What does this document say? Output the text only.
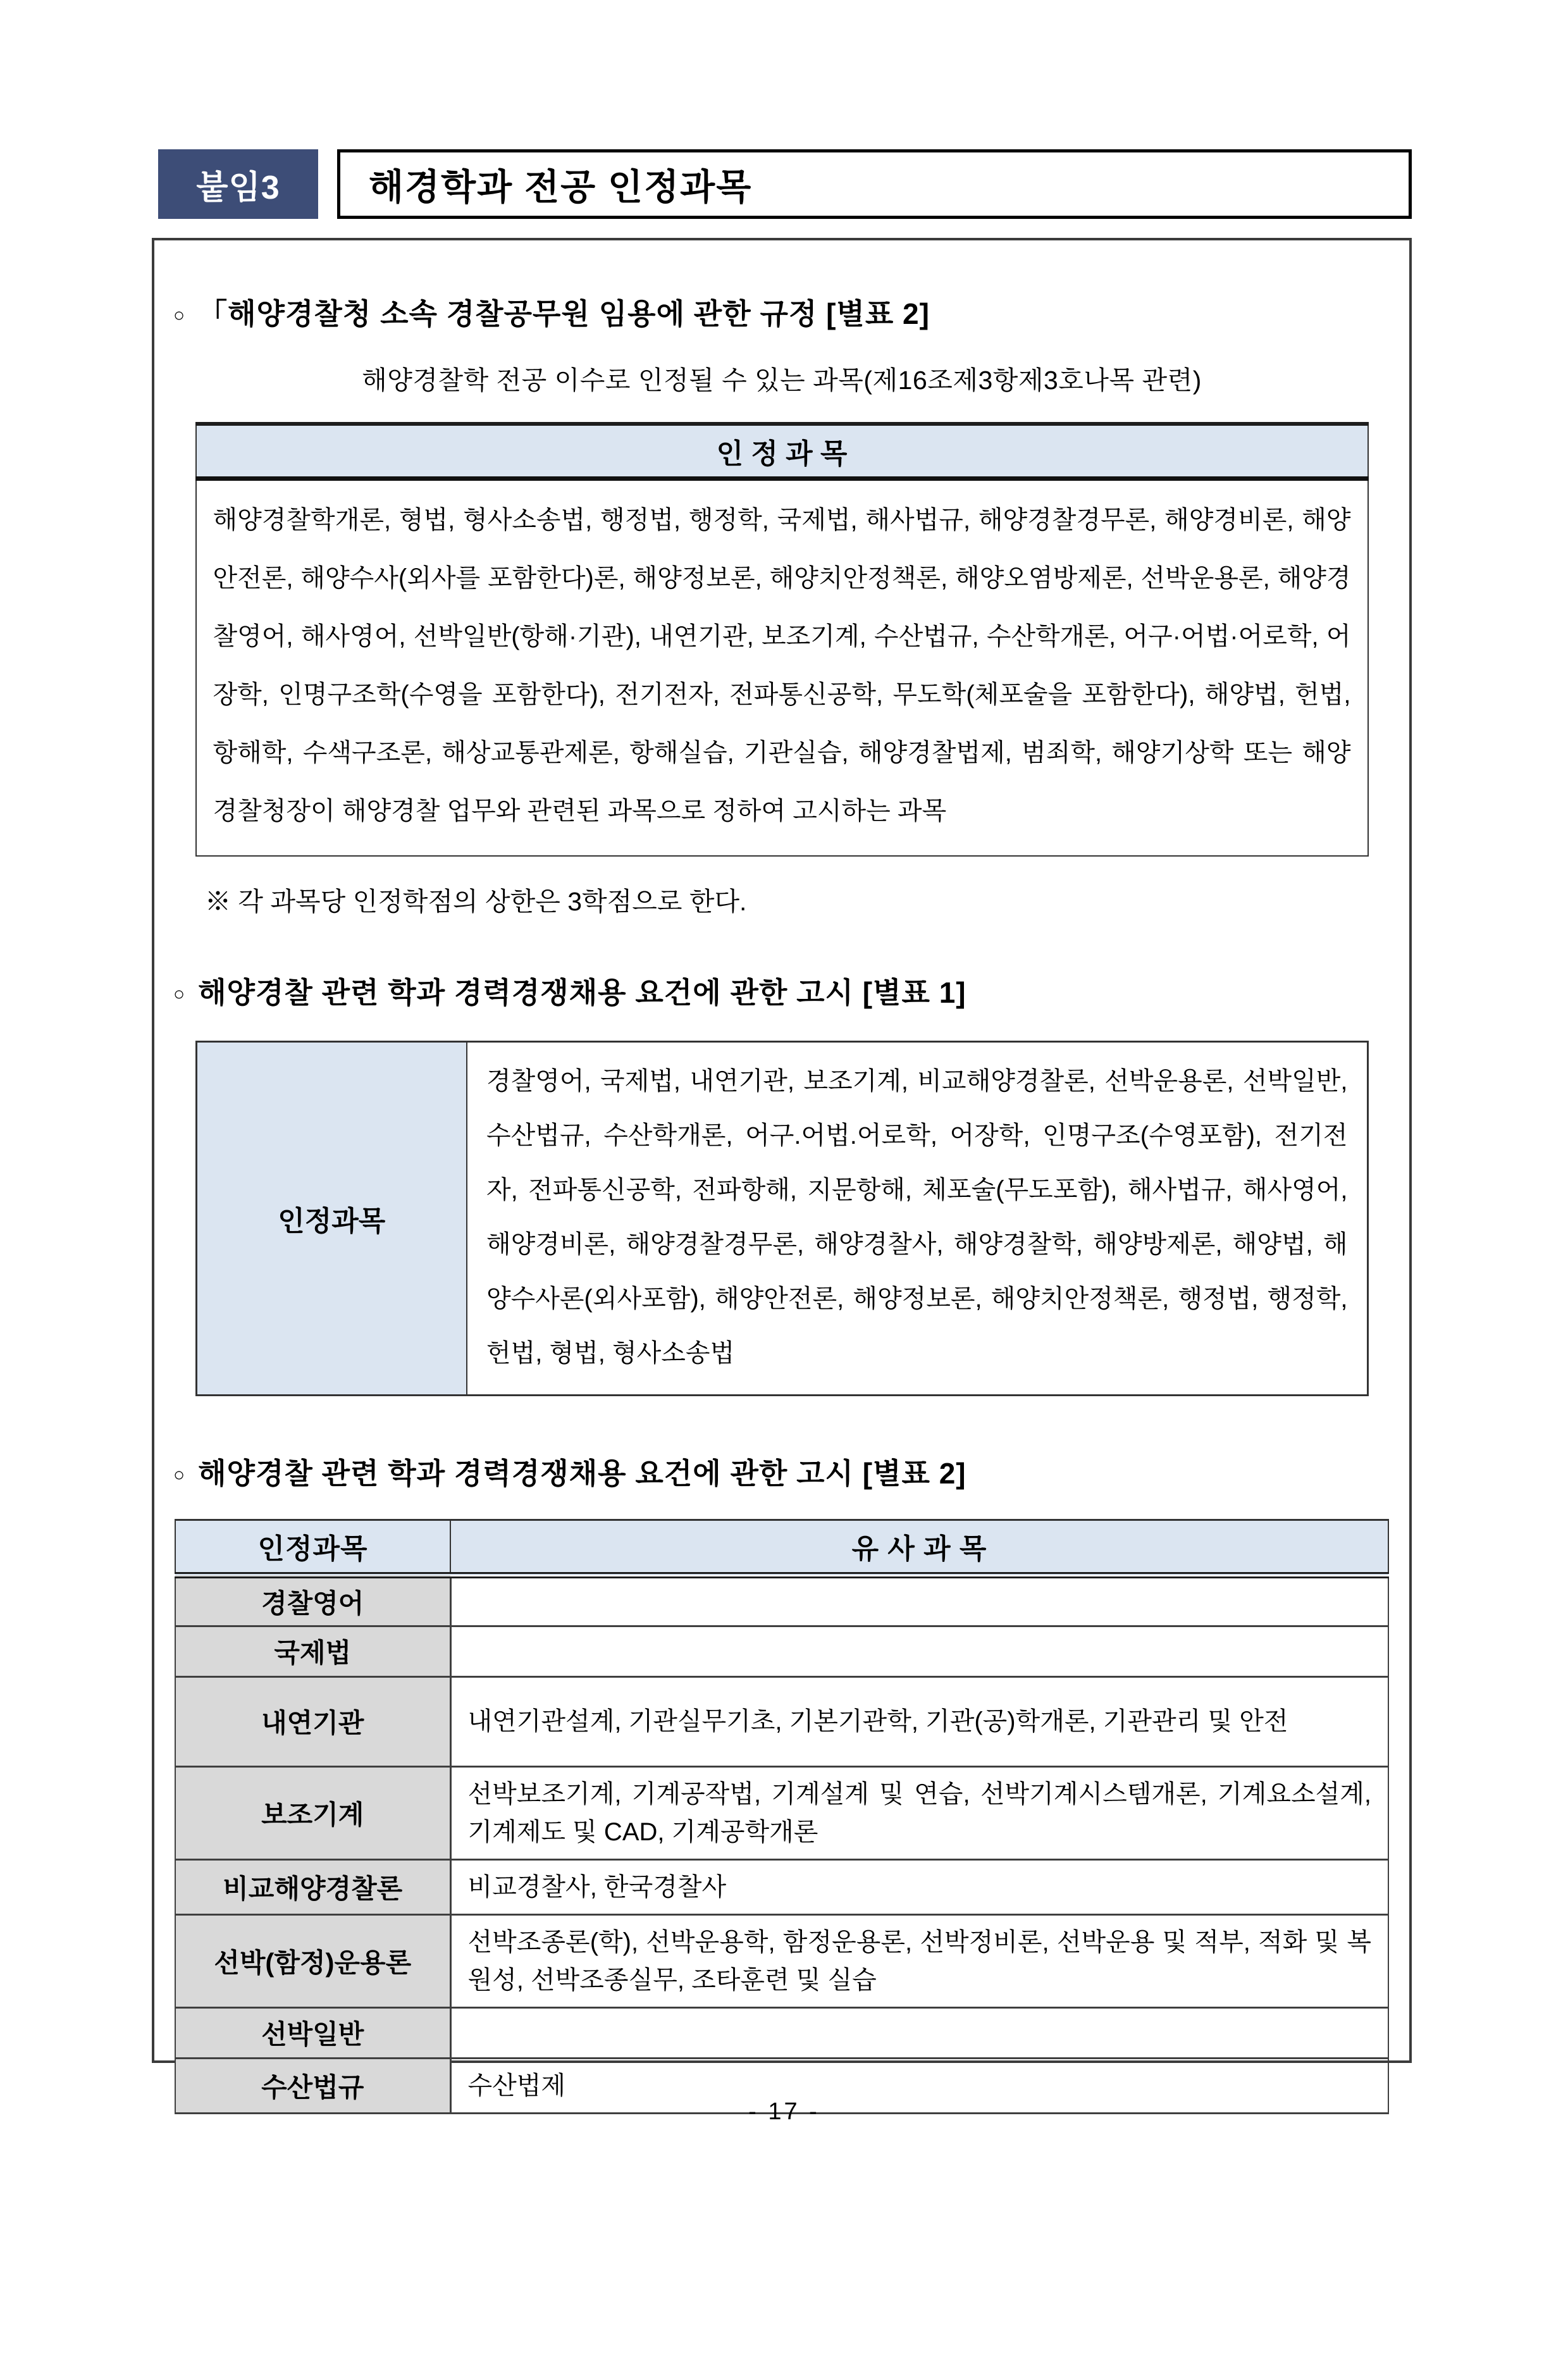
붙임3	해경학과 전공 인정과목
○ 「해양경찰청 소속 경찰공무원 임용에 관한 규정 [별표 2]
해양경찰학 전공 이수로 인정될 수 있는 과목(제16조제3항제3호나목 관련)
인 정 과 목
해양경찰학개론, 형법, 형사소송법, 행정법, 행정학, 국제법, 해사법규, 해양경찰경무론, 해양경비론, 해양안전론, 해양수사(외사를 포함한다)론, 해양정보론, 해양치안정책론, 해양오염방제론, 선박운용론, 해양경찰영어, 해사영어, 선박일반(항해·기관), 내연기관, 보조기계, 수산법규, 수산학개론, 어구·어법·어로학, 어장학, 인명구조학(수영을 포함한다), 전기전자, 전파통신공학, 무도학(체포술을 포함한다), 해양법, 헌법, 항해학, 수색구조론, 해상교통관제론, 항해실습, 기관실습, 해양경찰법제, 범죄학, 해양기상학 또는 해양경찰청장이 해양경찰 업무와 관련된 과목으로 정하여 고시하는 과목
※ 각 과목당 인정학점의 상한은 3학점으로 한다.
○ 해양경찰 관련 학과 경력경쟁채용 요건에 관한 고시 [별표 1]
인정과목	경찰영어, 국제법, 내연기관, 보조기계, 비교해양경찰론, 선박운용론, 선박일반, 수산법규, 수산학개론, 어구.어법.어로학, 어장학, 인명구조(수영포함), 전기전자, 전파통신공학, 전파항해, 지문항해, 체포술(무도포함), 해사법규, 해사영어, 해양경비론, 해양경찰경무론, 해양경찰사, 해양경찰학, 해양방제론, 해양법, 해양수사론(외사포함), 해양안전론, 해양정보론, 해양치안정책론, 행정법, 행정학, 헌법, 형법, 형사소송법
○ 해양경찰 관련 학과 경력경쟁채용 요건에 관한 고시 [별표 2]
인정과목	유 사 과 목
경찰영어	
국제법	
내연기관	내연기관설계, 기관실무기초, 기본기관학, 기관(공)학개론, 기관관리 및 안전
보조기계	선박보조기계, 기계공작법, 기계설계 및 연습, 선박기계시스템개론, 기계요소설계, 기계제도 및 CAD, 기계공학개론
비교해양경찰론	비교경찰사, 한국경찰사
선박(함정)운용론	선박조종론(학), 선박운용학, 함정운용론, 선박정비론, 선박운용 및 적부, 적화 및 복원성, 선박조종실무, 조타훈련 및 실습
선박일반	
수산법규	수산법제
- 17 -
